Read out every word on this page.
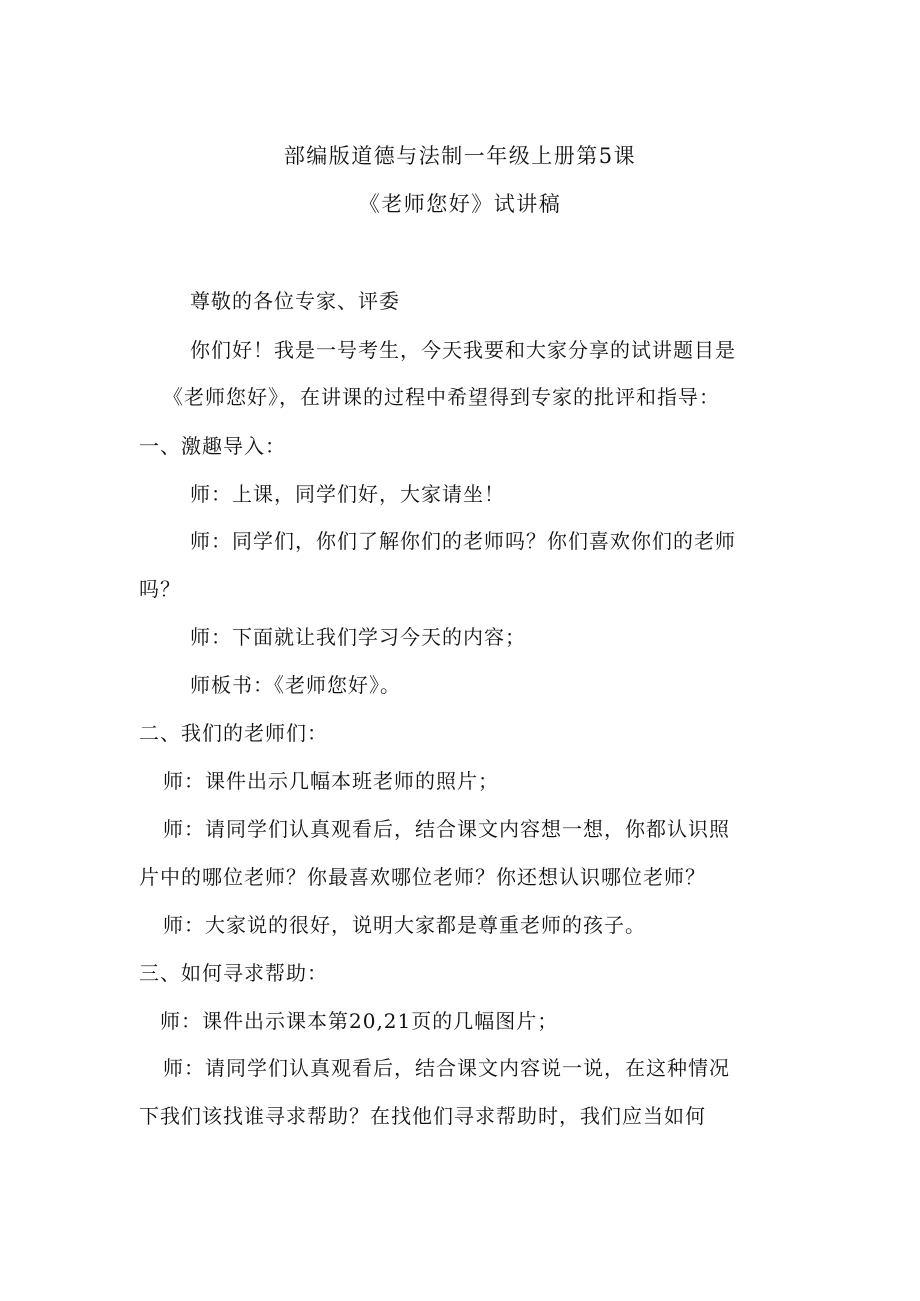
部编版道德与法制一年级上册第5课
《老师您好》试讲稿
尊敬的各位专家、评委
你们好！我是一号考生，今天我要和大家分享的试讲题目是
《老师您好》，在讲课的过程中希望得到专家的批评和指导：
一、激趣导入：
师：上课，同学们好，大家请坐！
师：同学们，你们了解你们的老师吗？你们喜欢你们的老师
吗？
师：下面就让我们学习今天的内容；
师板书：《老师您好》。
二、我们的老师们：
师：课件出示几幅本班老师的照片；
师：请同学们认真观看后，结合课文内容想一想，你都认识照
片中的哪位老师？你最喜欢哪位老师？你还想认识哪位老师？
师：大家说的很好，说明大家都是尊重老师的孩子。
三、如何寻求帮助：
师：课件出示课本第20,21页的几幅图片；
师：请同学们认真观看后，结合课文内容说一说，在这种情况
下我们该找谁寻求帮助？在找他们寻求帮助时，我们应当如何
